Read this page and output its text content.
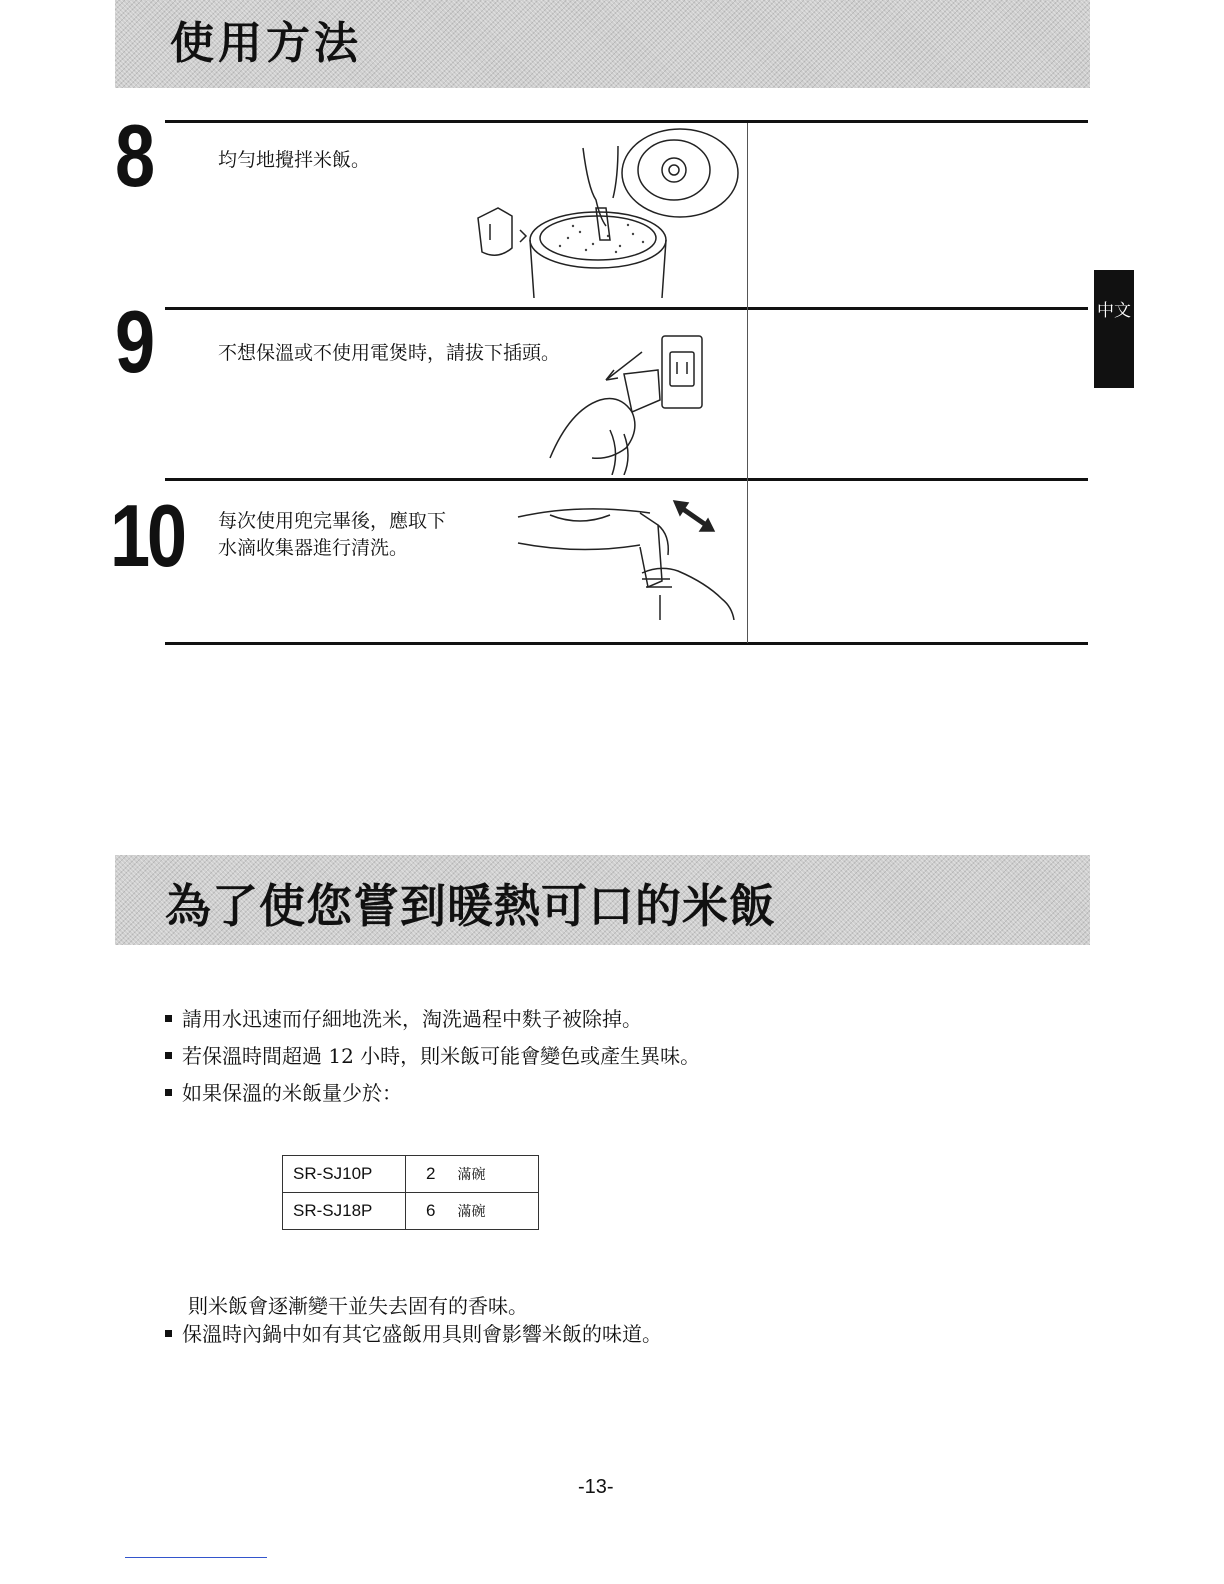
使用方法
中文
8	均勻地攪拌米飯。
9	不想保溫或不使用電煲時，請拔下插頭。
10 每次使用兜完畢後，應取下
水滴收集器進行清洗。
為了使您嘗到暖熱可口的米飯
請用水迅速而仔細地洗米，淘洗過程中麩子被除掉。
若保溫時間超過 12 小時，則米飯可能會變色或產生異味。
如果保溫的米飯量少於：
SR-SJ10P	2 滿碗
SR-SJ18P	6 滿碗
則米飯會逐漸變干並失去固有的香味。
保溫時內鍋中如有其它盛飯用具則會影響米飯的味道。
-13-
